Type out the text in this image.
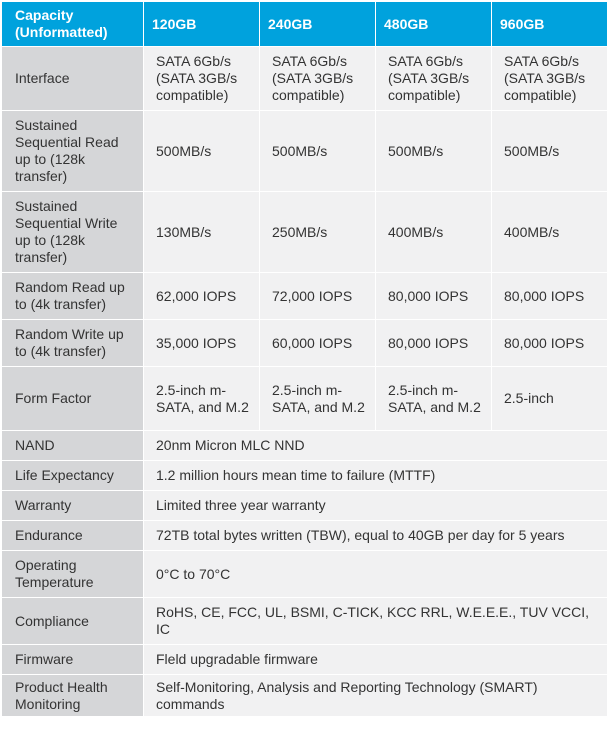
Capacity (Unformatted)	120GB	240GB	480GB	960GB
Interface	SATA 6Gb/s (SATA 3GB/s compatible)	SATA 6Gb/s (SATA 3GB/s compatible)	SATA 6Gb/s (SATA 3GB/s compatible)	SATA 6Gb/s (SATA 3GB/s compatible)
Sustained Sequential Read up to (128k transfer)	500MB/s	500MB/s	500MB/s	500MB/s
Sustained Sequential Write up to (128k transfer)	130MB/s	250MB/s	400MB/s	400MB/s
Random Read up to (4k transfer)	62,000 IOPS	72,000 IOPS	80,000 IOPS	80,000 IOPS
Random Write up to (4k transfer)	35,000 IOPS	60,000 IOPS	80,000 IOPS	80,000 IOPS
Form Factor	2.5-inch m-SATA, and M.2	2.5-inch m-SATA, and M.2	2.5-inch m-SATA, and M.2	2.5-inch
NAND	20nm Micron MLC NND			
Life Expectancy	1.2 million hours mean time to failure (MTTF)			
Warranty	Limited three year warranty			
Endurance	72TB total bytes written (TBW), equal to 40GB per day for 5 years			
Operating Temperature	0°C to 70°C			
Compliance	RoHS, CE, FCC, UL, BSMI, C-TICK, KCC RRL, W.E.E.E., TUV VCCI, IC			
Firmware	Fleld upgradable firmware			
Product Health Monitoring	Self-Monitoring, Analysis and Reporting Technology (SMART) commands			
